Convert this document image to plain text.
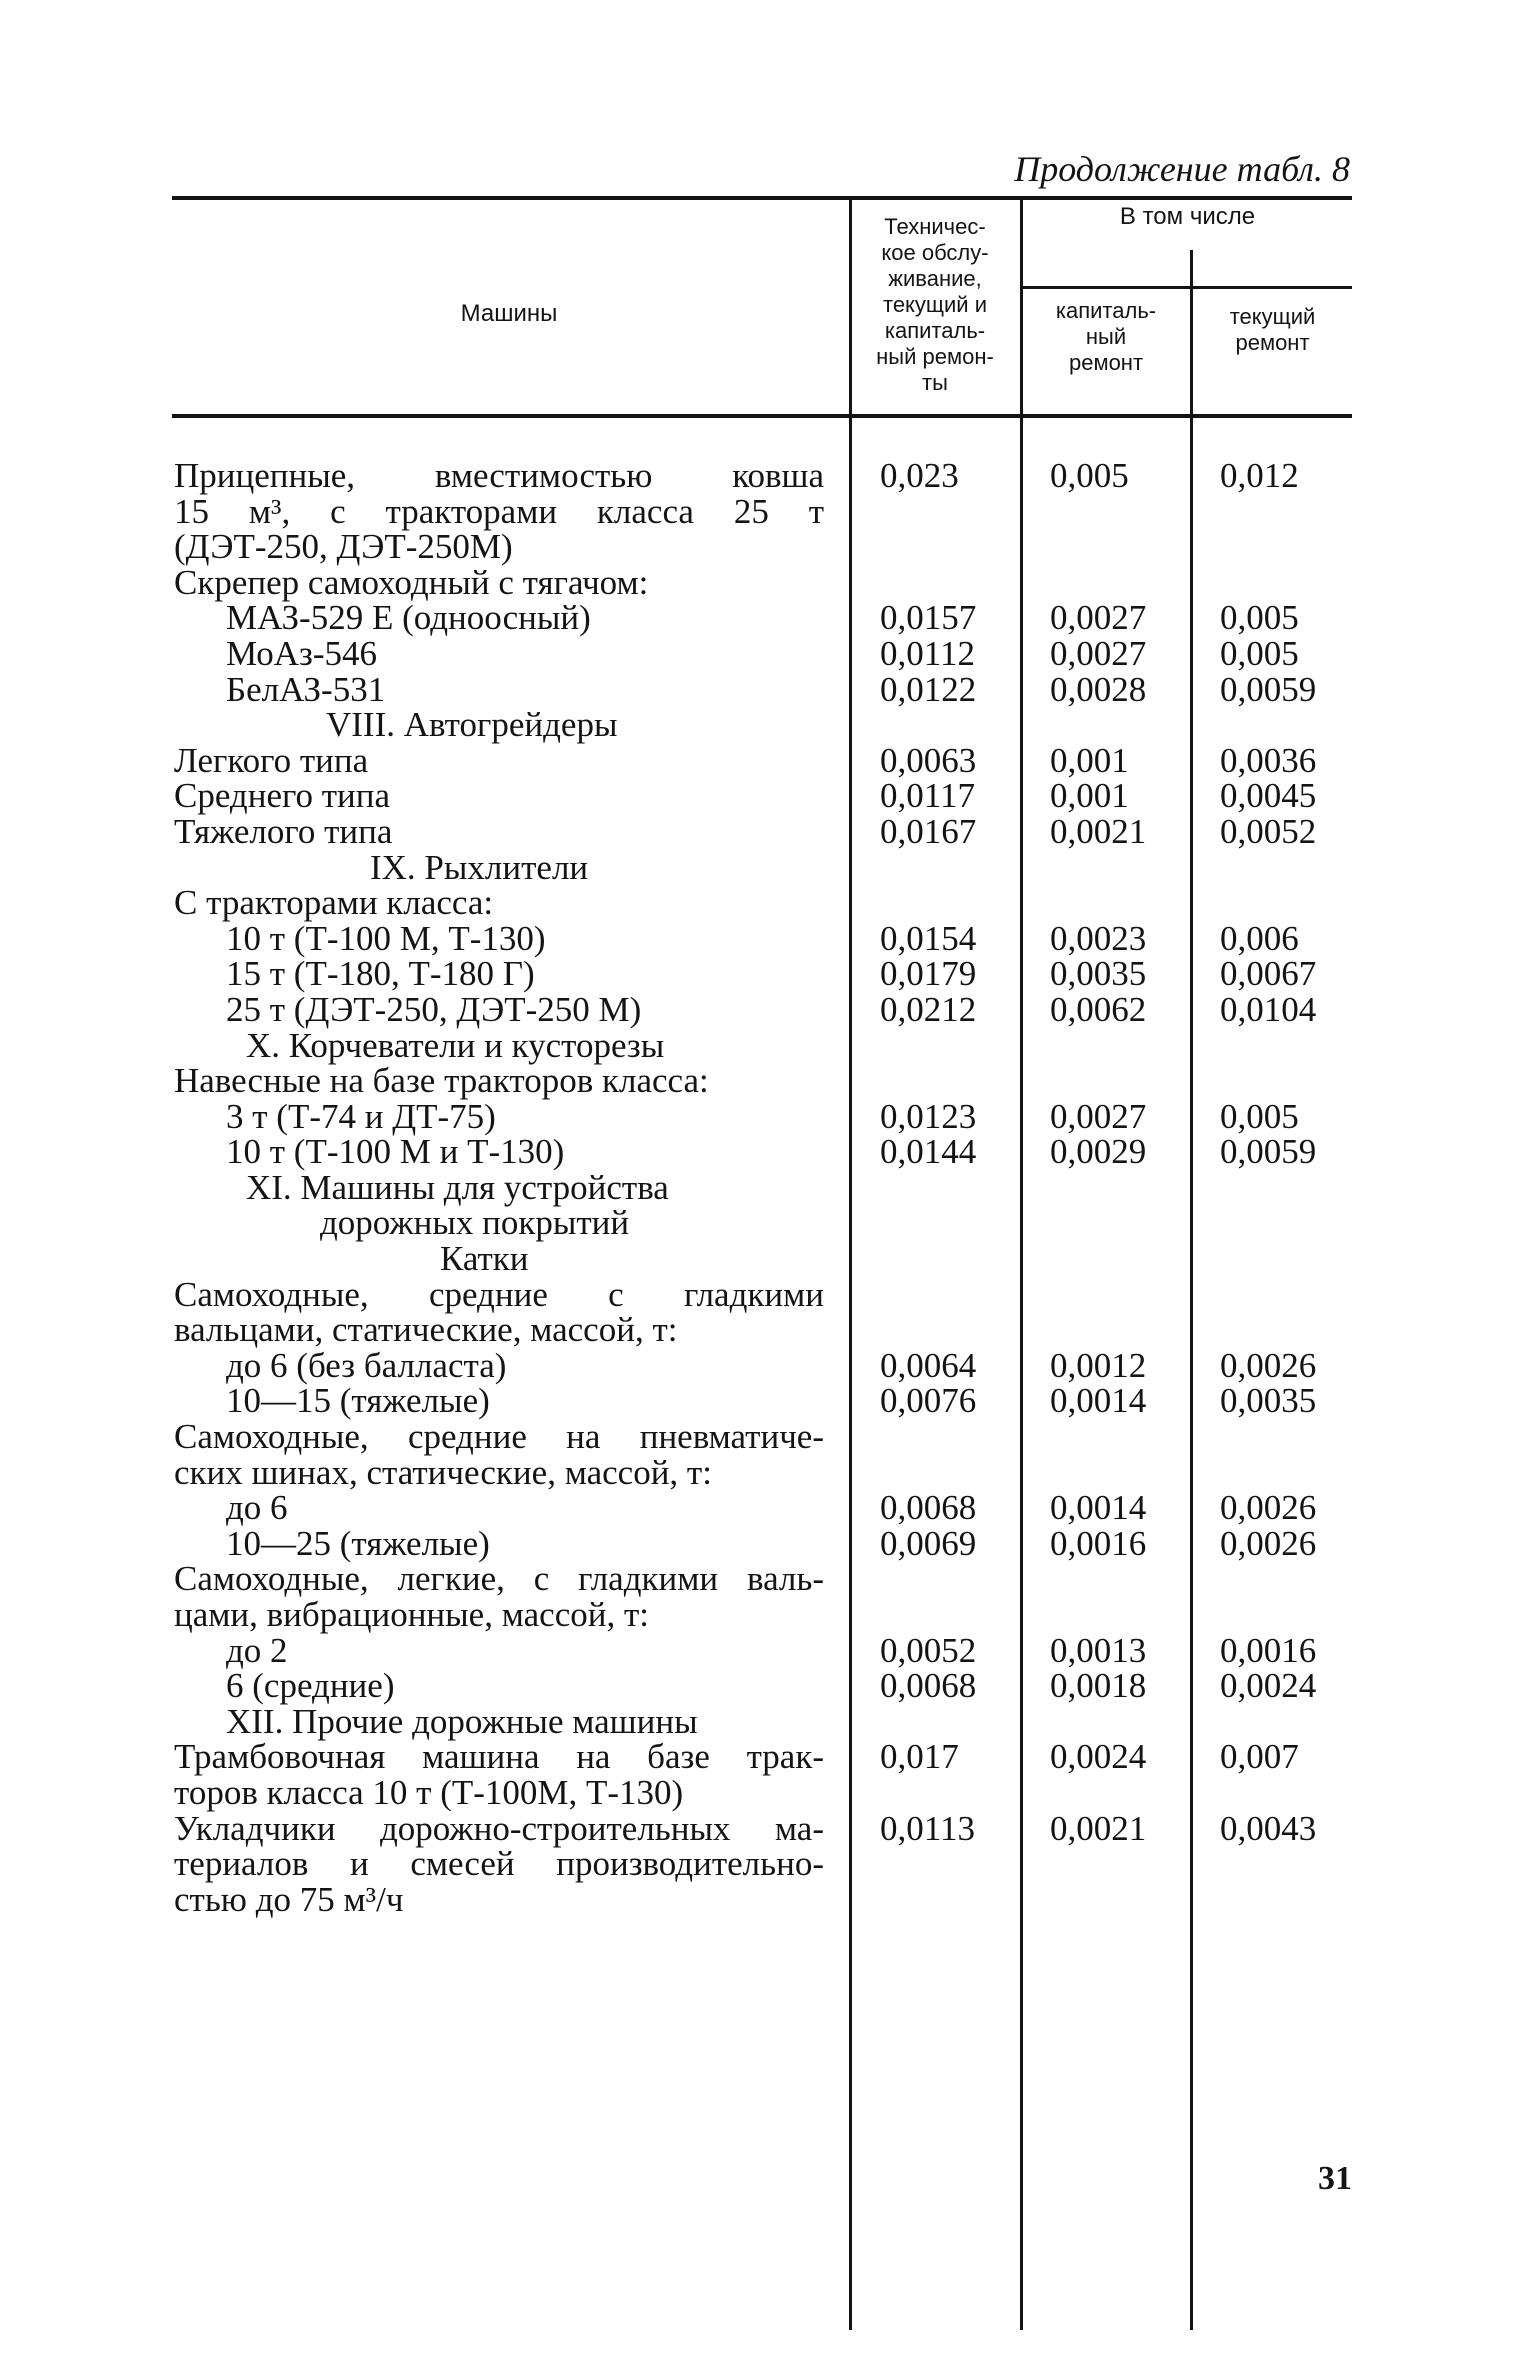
Продолжение табл. 8
Машины
Техничес-
кое обслу-
живание,
текущий и
капиталь-
ный ремон-
ты
В том числе
капиталь-
ный
ремонт
текущий
ремонт
Прицепные, вместимостью ковша
15 м³, с тракторами класса 25 т
(ДЭТ-250, ДЭТ-250М)
Скрепер самоходный с тягачом:
МАЗ-529 Е (одноосный)
МоАз-546
БелАЗ-531
VIII. Автогрейдеры
Легкого типа
Среднего типа
Тяжелого типа
IX. Рыхлители
С тракторами класса:
10 т (Т-100 М, Т-130)
15 т (Т-180, Т-180 Г)
25 т (ДЭТ-250, ДЭТ-250 М)
X. Корчеватели и кусторезы
Навесные на базе тракторов класса:
3 т (Т-74 и ДТ-75)
10 т (Т-100 М и Т-130)
XI. Машины для устройства
дорожных покрытий
Катки
Самоходные, средние с гладкими
вальцами, статические, массой, т:
до 6 (без балласта)
10—15 (тяжелые)
Самоходные, средние на пневматиче-
ских шинах, статические, массой, т:
до 6
10—25 (тяжелые)
Самоходные, легкие, с гладкими валь-
цами, вибрационные, массой, т:
до 2
6 (средние)
XII. Прочие дорожные машины
Трамбовочная машина на базе трак-
торов класса 10 т (Т-100М, Т-130)
Укладчики дорожно-строительных ма-
териалов и смесей производительно-
стью до 75 м³/ч
0,023
0,0157
0,0112
0,0122
0,0063
0,0117
0,0167
0,0154
0,0179
0,0212
0,0123
0,0144
0,0064
0,0076
0,0068
0,0069
0,0052
0,0068
0,017
0,0113
0,005
0,0027
0,0027
0,0028
0,001
0,001
0,0021
0,0023
0,0035
0,0062
0,0027
0,0029
0,0012
0,0014
0,0014
0,0016
0,0013
0,0018
0,0024
0,0021
0,012
0,005
0,005
0,0059
0,0036
0,0045
0,0052
0,006
0,0067
0,0104
0,005
0,0059
0,0026
0,0035
0,0026
0,0026
0,0016
0,0024
0,007
0,0043
31
